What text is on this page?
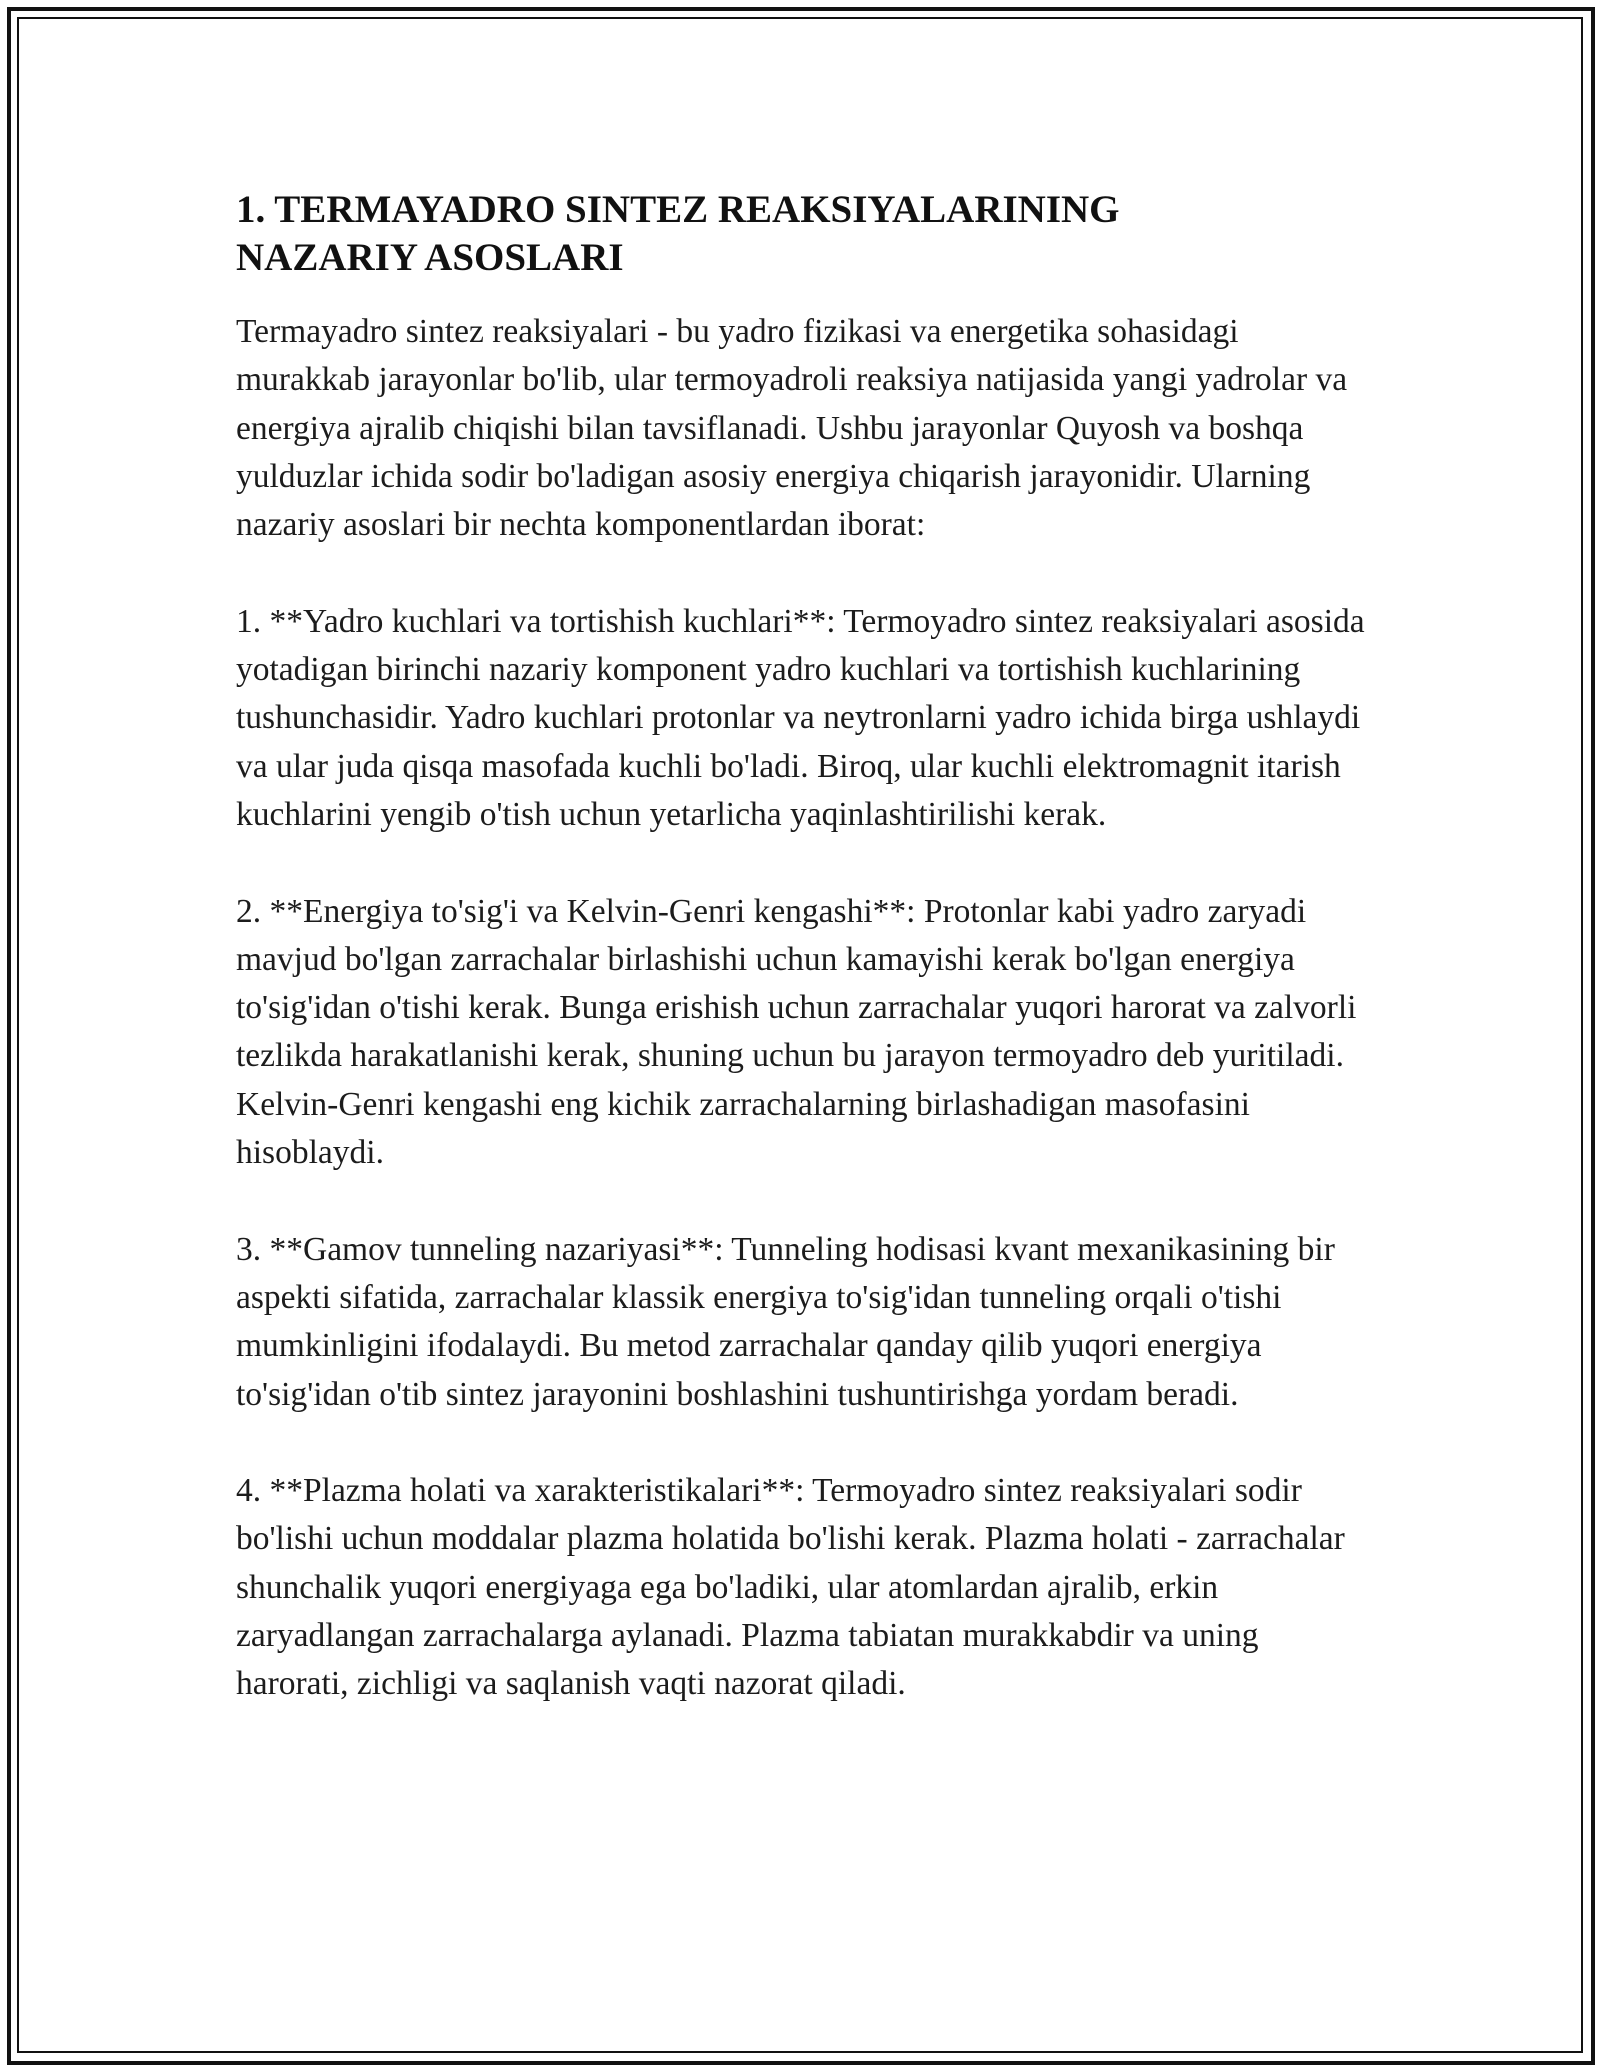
1. TERMAYADRO SINTEZ REAKSIYALARINING
NAZARIY ASOSLARI

Termayadro sintez reaksiyalari - bu yadro fizikasi va energetika sohasidagi murakkab jarayonlar bo'lib, ular termoyadroli reaksiya natijasida yangi yadrolar va energiya ajralib chiqishi bilan tavsiflanadi. Ushbu jarayonlar Quyosh va boshqa yulduzlar ichida sodir bo'ladigan asosiy energiya chiqarish jarayonidir. Ularning nazariy asoslari bir nechta komponentlardan iborat:

1. **Yadro kuchlari va tortishish kuchlari**: Termoyadro sintez reaksiyalari asosida yotadigan birinchi nazariy komponent yadro kuchlari va tortishish kuchlarining tushunchasidir. Yadro kuchlari protonlar va neytronlarni yadro ichida birga ushlaydi va ular juda qisqa masofada kuchli bo'ladi. Biroq, ular kuchli elektromagnit itarish kuchlarini yengib o'tish uchun yetarlicha yaqinlashtirilishi kerak.

2. **Energiya to'sig'i va Kelvin-Genri kengashi**: Protonlar kabi yadro zaryadi mavjud bo'lgan zarrachalar birlashishi uchun kamayishi kerak bo'lgan energiya to'sig'idan o'tishi kerak. Bunga erishish uchun zarrachalar yuqori harorat va zalvorli tezlikda harakatlanishi kerak, shuning uchun bu jarayon termoyadro deb yuritiladi. Kelvin-Genri kengashi eng kichik zarrachalarning birlashadigan masofasini hisoblaydi.

3. **Gamov tunneling nazariyasi**: Tunneling hodisasi kvant mexanikasining bir aspekti sifatida, zarrachalar klassik energiya to'sig'idan tunneling orqali o'tishi mumkinligini ifodalaydi. Bu metod zarrachalar qanday qilib yuqori energiya to'sig'idan o'tib sintez jarayonini boshlashini tushuntirishga yordam beradi.

4. **Plazma holati va xarakteristikalari**: Termoyadro sintez reaksiyalari sodir bo'lishi uchun moddalar plazma holatida bo'lishi kerak. Plazma holati - zarrachalar shunchalik yuqori energiyaga ega bo'ladiki, ular atomlardan ajralib, erkin zaryadlangan zarrachalarga aylanadi. Plazma tabiatan murakkabdir va uning harorati, zichligi va saqlanish vaqti nazorat qiladi.
